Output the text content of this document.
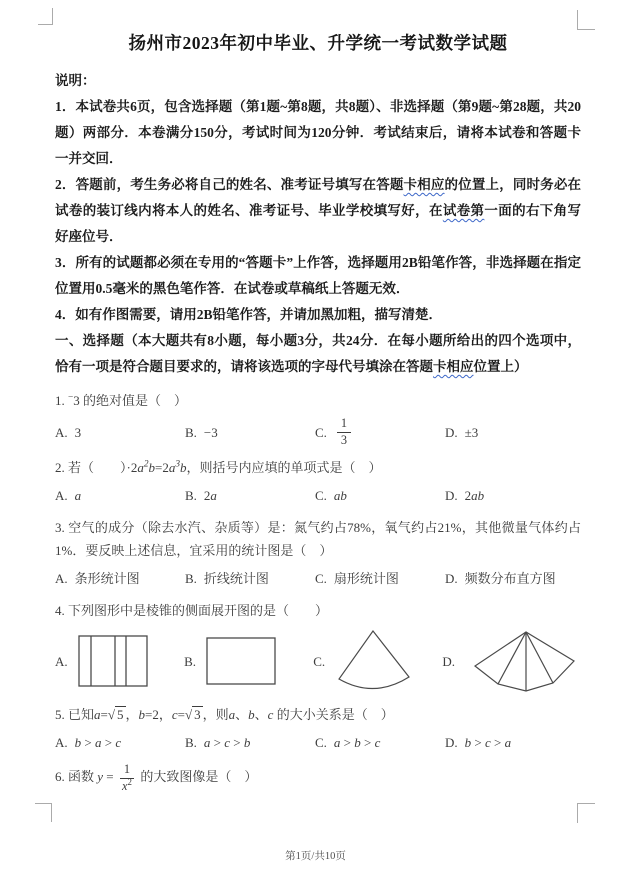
扬州市2023年初中毕业、升学统一考试数学试题

说明：

1．本试卷共6页，包含选择题（第1题~第8题，共8题）、非选择题（第9题~第28题，共20题）两部分．本卷满分150分，考试时间为120分钟．考试结束后，请将本试卷和答题卡一并交回．

2．答题前，考生务必将自己的姓名、准考证号填写在答题卡相应的位置上，同时务必在试卷的装订线内将本人的姓名、准考证号、毕业学校填写好，在试卷第一面的右下角写好座位号．

3．所有的试题都必须在专用的“答题卡”上作答，选择题用2B铅笔作答，非选择题在指定位置用0.5毫米的黑色笔作答．在试卷或草稿纸上答题无效．

4．如有作图需要，请用2B铅笔作答，并请加黑加粗，描写清楚．

一、选择题（本大题共有8小题，每小题3分，共24分．在每小题所给出的四个选项中，恰有一项是符合题目要求的，请将该选项的字母代号填涂在答题卡相应位置上）

1. −3 的绝对值是（　）

A. 3	B. −3	C. $\frac{1}{3}$	D. ±3

2. 若（　　）$\cdot 2a^2b=2a^3b$，则括号内应填的单项式是（　）

A. a	B. 2a	C. ab	D. 2ab

3. 空气的成分（除去水汽、杂质等）是：氮气约占78%，氧气约占21%，其他微量气体约占1%．要反映上述信息，宜采用的统计图是（　）

A. 条形统计图	B. 折线统计图	C. 扇形统计图	D. 频数分布直方图

4. 下列图形中是棱锥的侧面展开图的是（　　）

A.	B.	C.	D.

5. 已知a=√ 5 ，b=2，c=√ 3 ，则a、b、c 的大小关系是（　）

A. b > a > c	B. a > c > b	C. a > b > c	D. b > c > a

6. 函数 $y = \frac{1}{x^2}$ 的大致图像是（　）

第1页/共10页
